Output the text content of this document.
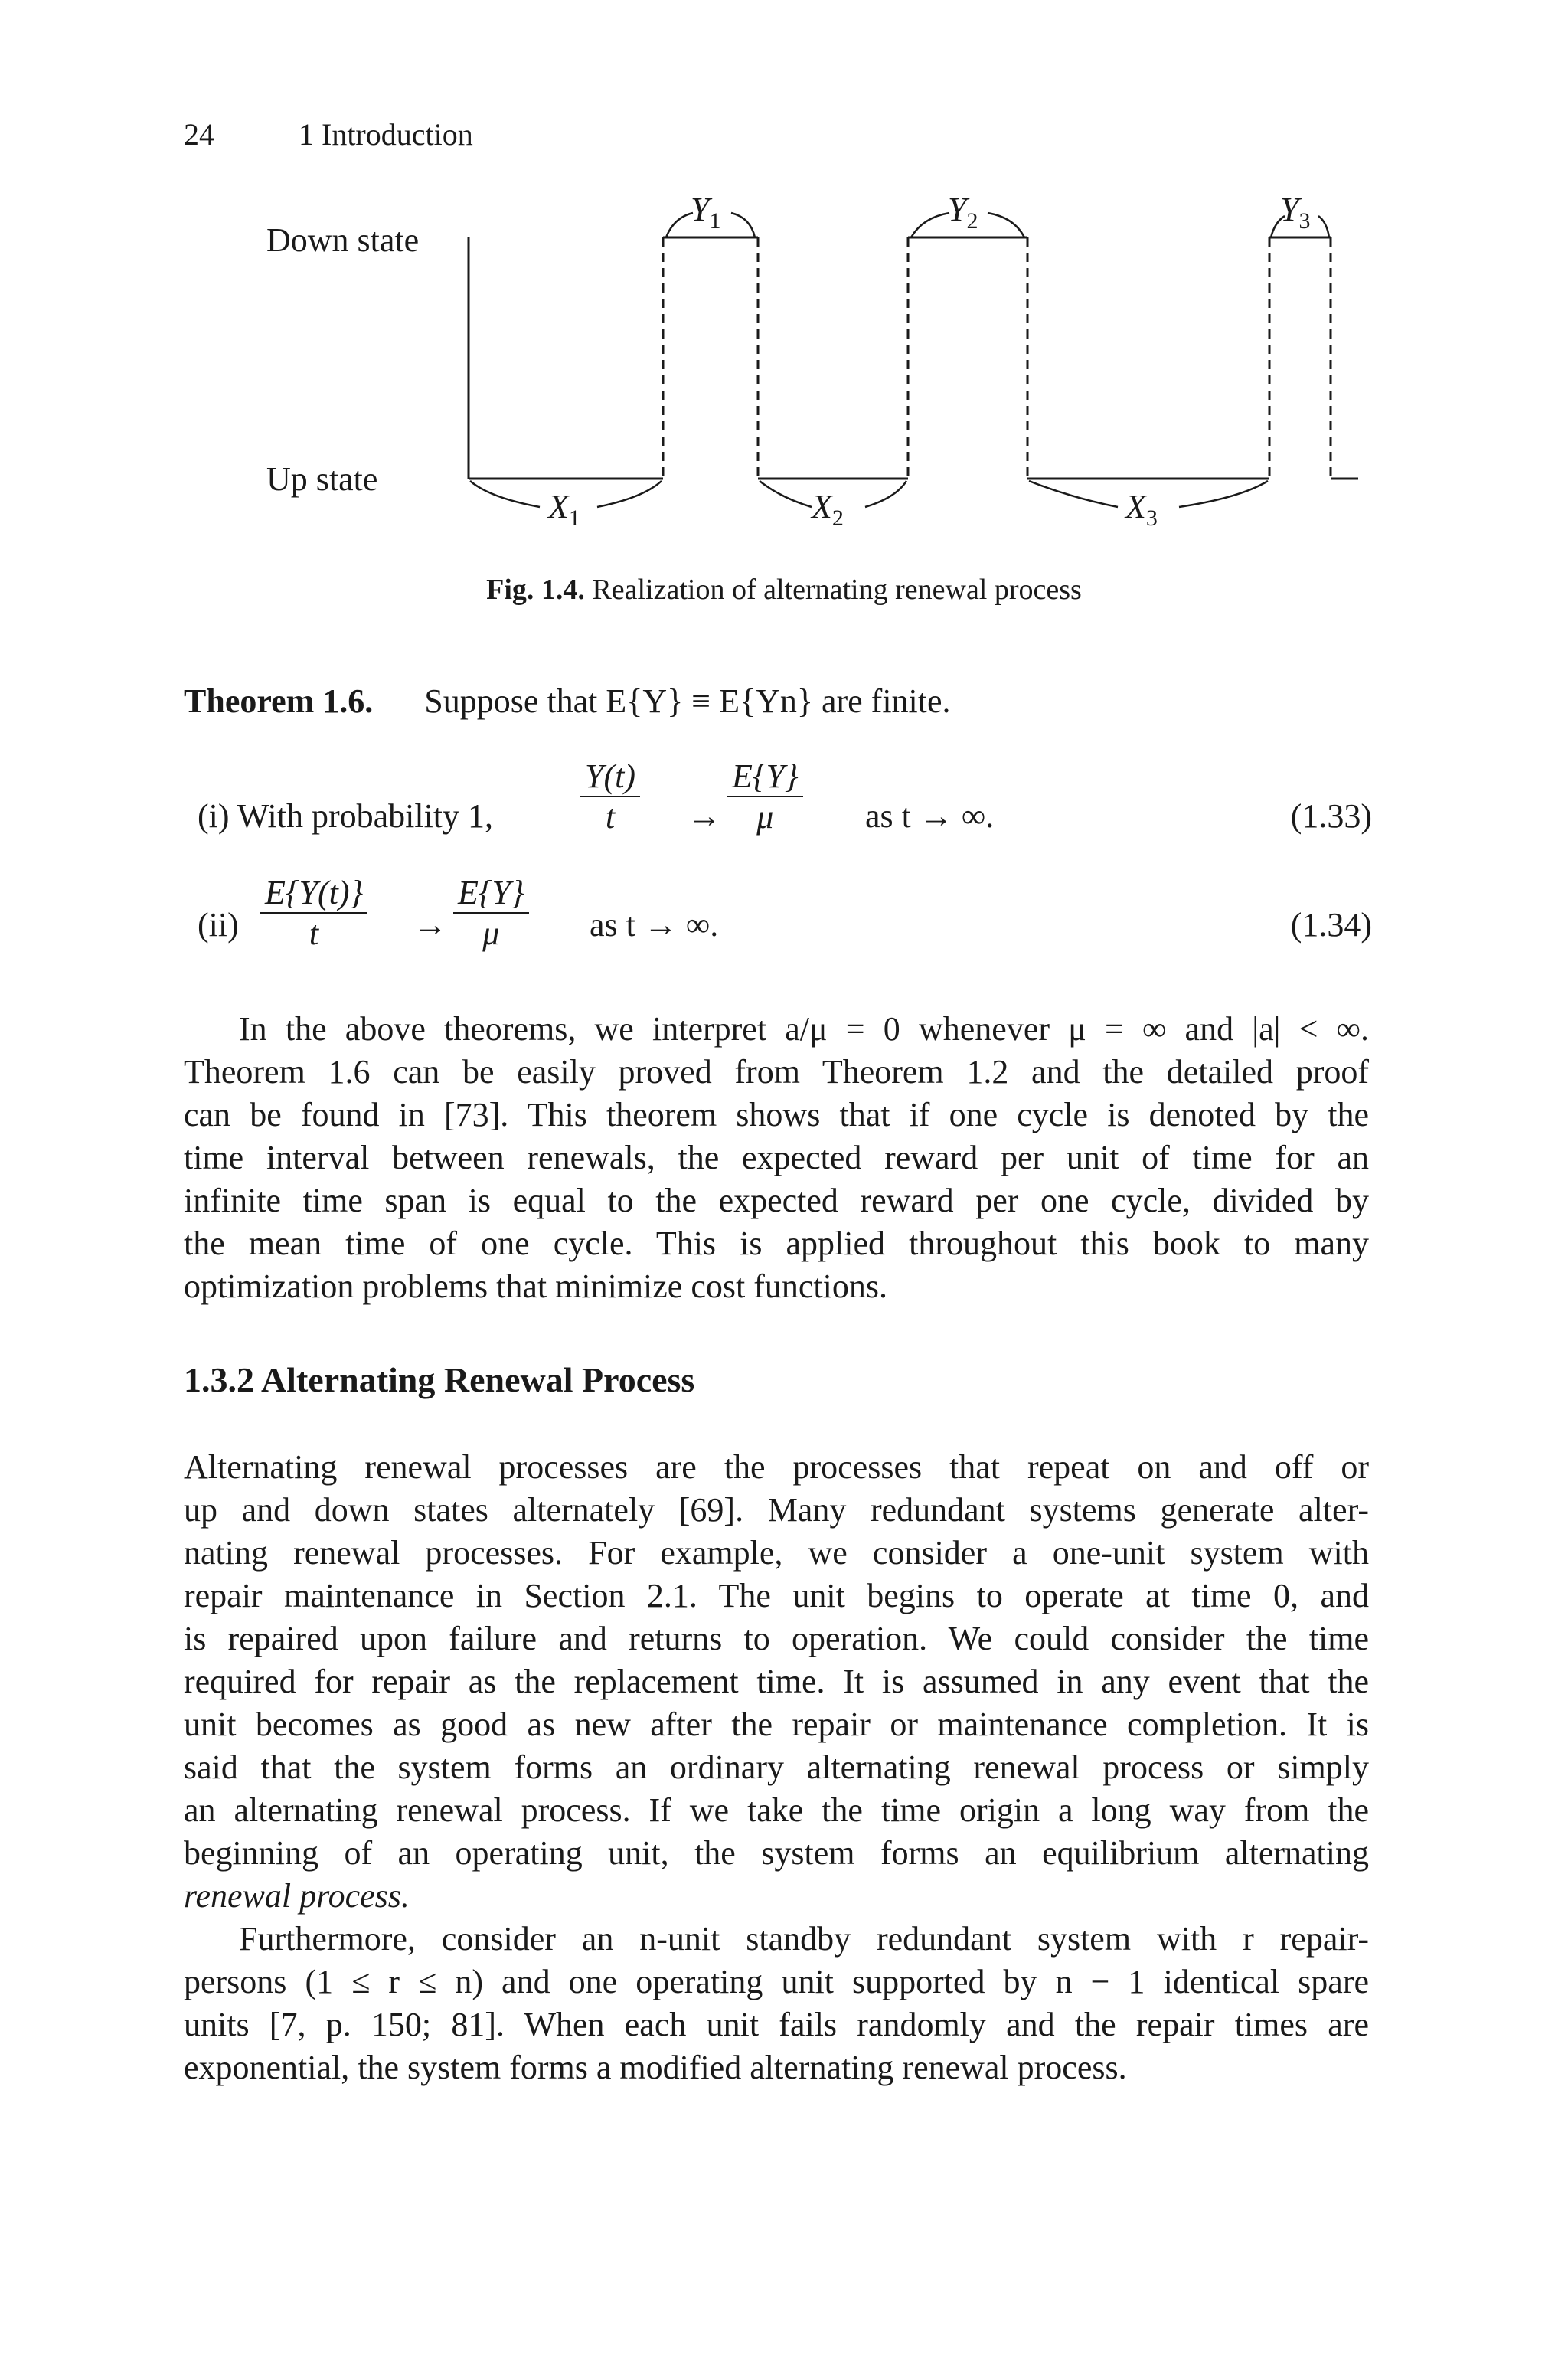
24	1 Introduction
Down state
Up state
$Y_1$	$Y_2$	$Y_3$
$X_1$	$X_2$	$X_3$
Fig. 1.4. Realization of alternating renewal process
Theorem 1.6. Suppose that E{Y} ≡ E{Yn} are finite.
(i) With probability 1,	$\frac{Y(t)}{t} \to \frac{E\{Y\}}{\mu}$ as t → ∞.	(1.33)
$(ii) \frac{E\{Y(t)\}}{t} \to \frac{E\{Y\}}{\mu}$ as t → ∞.	(1.34)
In the above theorems, we interpret a/μ = 0 whenever μ = ∞ and |a| < ∞.
Theorem 1.6 can be easily proved from Theorem 1.2 and the detailed proof
can be found in [73]. This theorem shows that if one cycle is denoted by the
time interval between renewals, the expected reward per unit of time for an
infinite time span is equal to the expected reward per one cycle, divided by
the mean time of one cycle. This is applied throughout this book to many
optimization problems that minimize cost functions.
1.3.2 Alternating Renewal Process
Alternating renewal processes are the processes that repeat on and off or
up and down states alternately [69]. Many redundant systems generate alter-
nating renewal processes. For example, we consider a one-unit system with
repair maintenance in Section 2.1. The unit begins to operate at time 0, and
is repaired upon failure and returns to operation. We could consider the time
required for repair as the replacement time. It is assumed in any event that the
unit becomes as good as new after the repair or maintenance completion. It is
said that the system forms an ordinary alternating renewal process or simply
an alternating renewal process. If we take the time origin a long way from the
beginning of an operating unit, the system forms an equilibrium alternating
renewal process.
Furthermore, consider an n-unit standby redundant system with r repair-
persons (1 ≤ r ≤ n) and one operating unit supported by n − 1 identical spare
units [7, p. 150; 81]. When each unit fails randomly and the repair times are
exponential, the system forms a modified alternating renewal process.
